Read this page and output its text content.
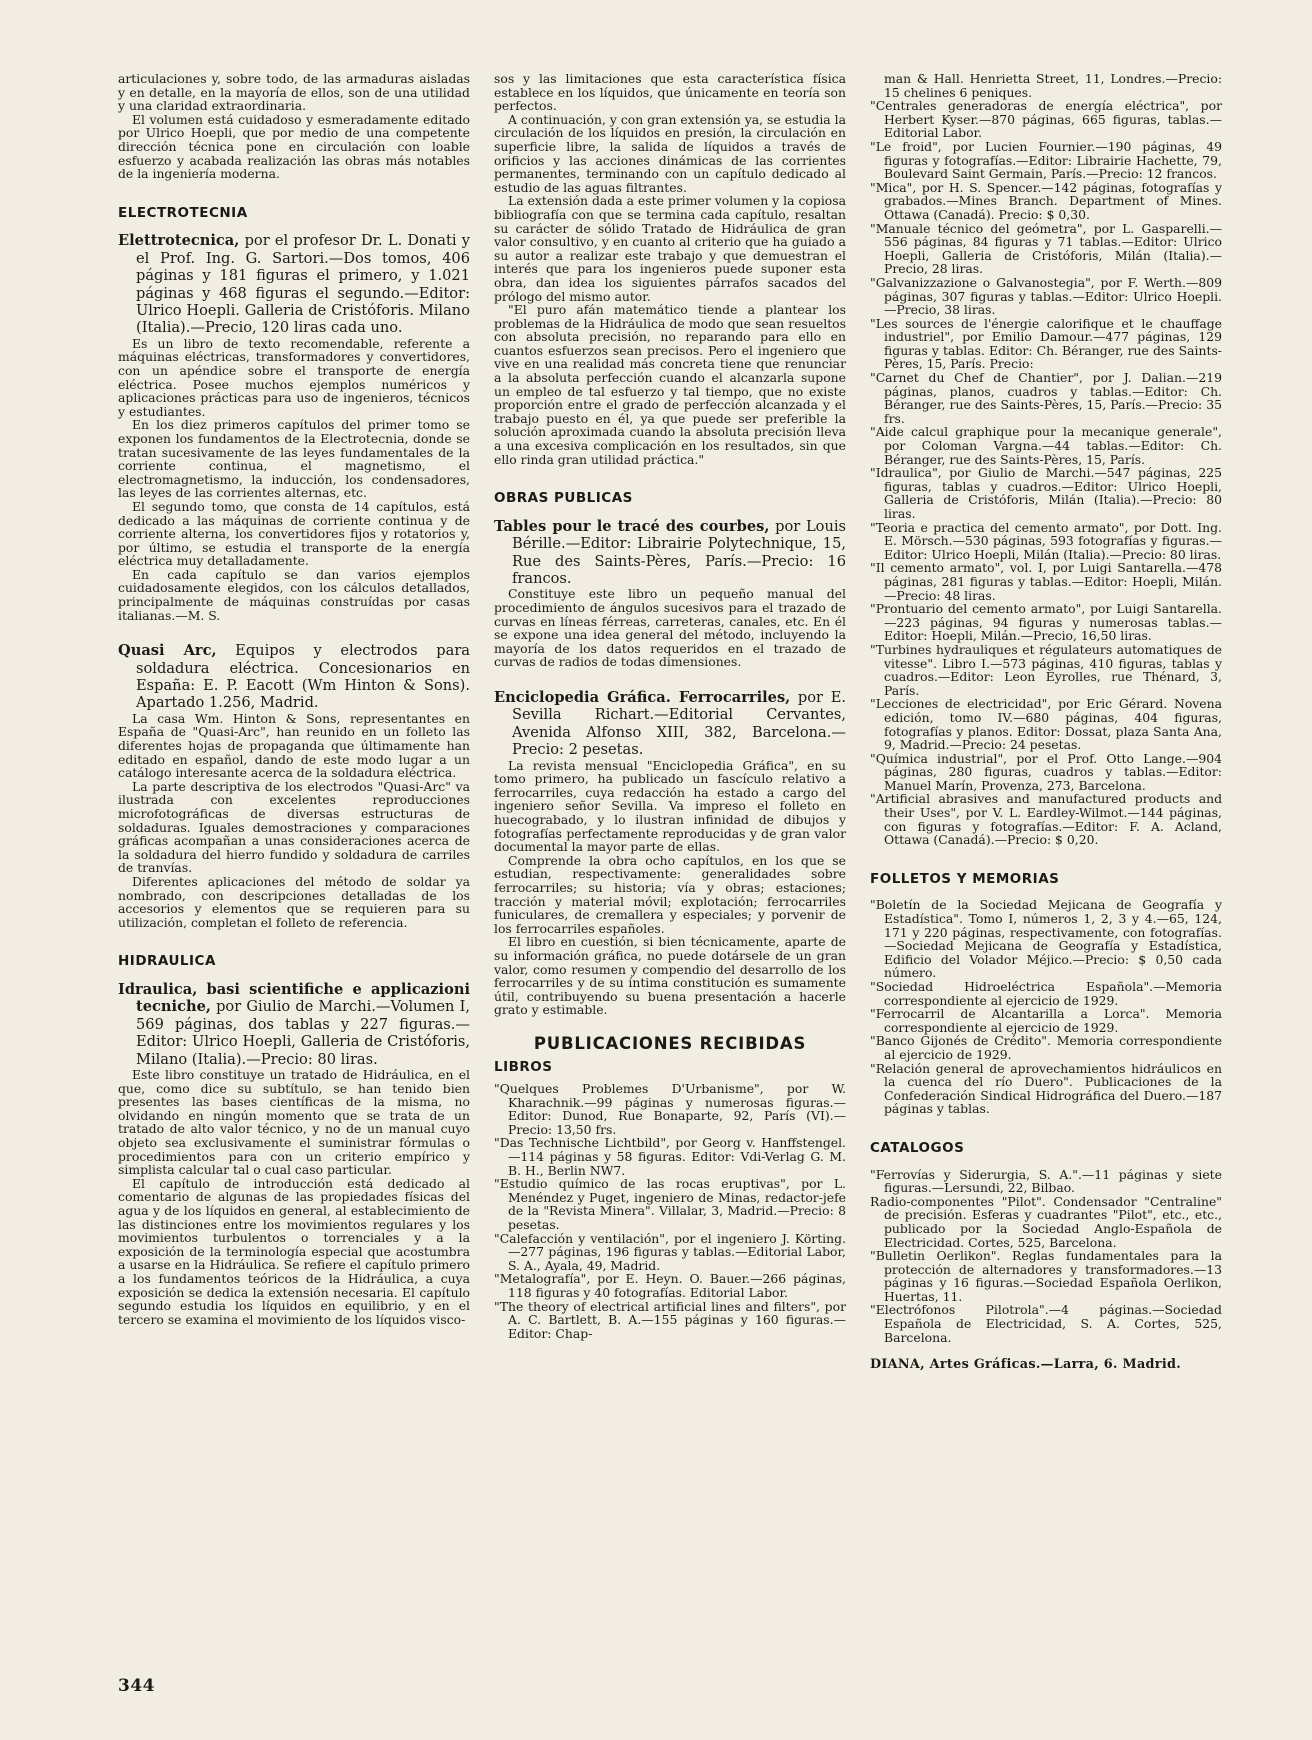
articulaciones y, sobre todo, de las armaduras aisladas y en detalle, en la mayoría de ellos, son de una utilidad y una claridad extraordinaria.

El volumen está cuidadoso y esmeradamente editado por Ulrico Hoepli, que por medio de una competente dirección técnica pone en circulación con loable esfuerzo y acabada realización las obras más notables de la ingeniería moderna.

ELECTROTECNIA

Elettrotecnica, por el profesor Dr. L. Donati y el Prof. Ing. G. Sartori.—Dos tomos, 406 páginas y 181 figuras el primero, y 1.021 páginas y 468 figuras el segundo.—Editor: Ulrico Hoepli. Galleria de Cristóforis. Milano (Italia).—Precio, 120 liras cada uno.

Es un libro de texto recomendable, referente a máquinas eléctricas, transformadores y convertidores, con un apéndice sobre el transporte de energía eléctrica. Posee muchos ejemplos numéricos y aplicaciones prácticas para uso de ingenieros, técnicos y estudiantes.

En los diez primeros capítulos del primer tomo se exponen los fundamentos de la Electrotecnia, donde se tratan sucesivamente de las leyes fundamentales de la corriente continua, el magnetismo, el electromagnetismo, la inducción, los condensadores, las leyes de las corrientes alternas, etc.

El segundo tomo, que consta de 14 capítulos, está dedicado a las máquinas de corriente continua y de corriente alterna, los convertidores fijos y rotatorios y, por último, se estudia el transporte de la energía eléctrica muy detalladamente.

En cada capítulo se dan varios ejemplos cuidadosamente elegidos, con los cálculos detallados, principalmente de máquinas construídas por casas italianas.—M. S.

Quasi Arc, Equipos y electrodos para soldadura eléctrica. Concesionarios en España: E. P. Eacott (Wm Hinton & Sons). Apartado 1.256, Madrid.

La casa Wm. Hinton & Sons, representantes en España de "Quasi-Arc", han reunido en un folleto las diferentes hojas de propaganda que últimamente han editado en español, dando de este modo lugar a un catálogo interesante acerca de la soldadura eléctrica.

La parte descriptiva de los electrodos "Quasi-Arc" va ilustrada con excelentes reproducciones microfotográficas de diversas estructuras de soldaduras. Iguales demostraciones y comparaciones gráficas acompañan a unas consideraciones acerca de la soldadura del hierro fundido y soldadura de carriles de tranvías.

Diferentes aplicaciones del método de soldar ya nombrado, con descripciones detalladas de los accesorios y elementos que se requieren para su utilización, completan el folleto de referencia.

HIDRAULICA

Idraulica, basi scientifiche e applicazioni tecniche, por Giulio de Marchi.—Volumen I, 569 páginas, dos tablas y 227 figuras.—Editor: Ulrico Hoepli, Galleria de Cristóforis, Milano (Italia).—Precio: 80 liras.

Este libro constituye un tratado de Hidráulica, en el que, como dice su subtítulo, se han tenido bien presentes las bases científicas de la misma, no olvidando en ningún momento que se trata de un tratado de alto valor técnico, y no de un manual cuyo objeto sea exclusivamente el suministrar fórmulas o procedimientos para con un criterio empírico y simplista calcular tal o cual caso particular.

El capítulo de introducción está dedicado al comentario de algunas de las propiedades físicas del agua y de los líquidos en general, al establecimiento de las distinciones entre los movimientos regulares y los movimientos turbulentos o torrenciales y a la exposición de la terminología especial que acostumbra a usarse en la Hidráulica. Se refiere el capítulo primero a los fundamentos teóricos de la Hidráulica, a cuya exposición se dedica la extensión necesaria. El capítulo segundo estudia los líquidos en equilibrio, y en el tercero se examina el movimiento de los líquidos visco-

sos y las limitaciones que esta característica física establece en los líquidos, que únicamente en teoría son perfectos.

A continuación, y con gran extensión ya, se estudia la circulación de los líquidos en presión, la circulación en superficie libre, la salida de líquidos a través de orificios y las acciones dinámicas de las corrientes permanentes, terminando con un capítulo dedicado al estudio de las aguas filtrantes.

La extensión dada a este primer volumen y la copiosa bibliografía con que se termina cada capítulo, resaltan su carácter de sólido Tratado de Hidráulica de gran valor consultivo, y en cuanto al criterio que ha guiado a su autor a realizar este trabajo y que demuestran el interés que para los ingenieros puede suponer esta obra, dan idea los siguientes párrafos sacados del prólogo del mismo autor.

"El puro afán matemático tiende a plantear los problemas de la Hidráulica de modo que sean resueltos con absoluta precisión, no reparando para ello en cuantos esfuerzos sean precisos. Pero el ingeniero que vive en una realidad más concreta tiene que renunciar a la absoluta perfección cuando el alcanzarla supone un empleo de tal esfuerzo y tal tiempo, que no existe proporción entre el grado de perfección alcanzada y el trabajo puesto en él, ya que puede ser preferible la solución aproximada cuando la absoluta precisión lleva a una excesiva complicación en los resultados, sin que ello rinda gran utilidad práctica."

OBRAS PUBLICAS

Tables pour le tracé des courbes, por Louis Bérille.—Editor: Librairie Polytechnique, 15, Rue des Saints-Pères, París.—Precio: 16 francos.

Constituye este libro un pequeño manual del procedimiento de ángulos sucesivos para el trazado de curvas en líneas férreas, carreteras, canales, etc. En él se expone una idea general del método, incluyendo la mayoría de los datos requeridos en el trazado de curvas de radios de todas dimensiones.

Enciclopedia Gráfica. Ferrocarriles, por E. Sevilla Richart.—Editorial Cervantes, Avenida Alfonso XIII, 382, Barcelona.—Precio: 2 pesetas.

La revista mensual "Enciclopedia Gráfica", en su tomo primero, ha publicado un fascículo relativo a ferrocarriles, cuya redacción ha estado a cargo del ingeniero señor Sevilla. Va impreso el folleto en huecograbado, y lo ilustran infinidad de dibujos y fotografías perfectamente reproducidas y de gran valor documental la mayor parte de ellas.

Comprende la obra ocho capítulos, en los que se estudian, respectivamente: generalidades sobre ferrocarriles; su historia; vía y obras; estaciones; tracción y material móvil; explotación; ferrocarriles funiculares, de cremallera y especiales; y porvenir de los ferrocarriles españoles.

El libro en cuestión, si bien técnicamente, aparte de su información gráfica, no puede dotársele de un gran valor, como resumen y compendio del desarrollo de los ferrocarriles y de su íntima constitución es sumamente útil, contribuyendo su buena presentación a hacerle grato y estimable.

PUBLICACIONES RECIBIDAS
LIBROS

"Quelques Problemes D'Urbanisme", por W. Kharachnik.—99 páginas y numerosas figuras.—Editor: Dunod, Rue Bonaparte, 92, París (VI).—Precio: 13,50 frs.

"Das Technische Lichtbild", por Georg v. Hanffstengel.—114 páginas y 58 figuras. Editor: Vdi-Verlag G. M. B. H., Berlin NW7.

"Estudio químico de las rocas eruptivas", por L. Menéndez y Puget, ingeniero de Minas, redactor-jefe de la "Revista Minera". Villalar, 3, Madrid.—Precio: 8 pesetas.

"Calefacción y ventilación", por el ingeniero J. Körting.—277 páginas, 196 figuras y tablas.—Editorial Labor, S. A., Ayala, 49, Madrid.

"Metalografía", por E. Heyn. O. Bauer.—266 páginas, 118 figuras y 40 fotografías. Editorial Labor.

"The theory of electrical artificial lines and filters", por A. C. Bartlett, B. A.—155 páginas y 160 figuras.—Editor: Chap-

man & Hall. Henrietta Street, 11, Londres.—Precio: 15 chelines 6 peniques.

"Centrales generadoras de energía eléctrica", por Herbert Kyser.—870 páginas, 665 figuras, tablas.—Editorial Labor.

"Le froid", por Lucien Fournier.—190 páginas, 49 figuras y fotografías.—Editor: Librairie Hachette, 79, Boulevard Saint Germain, París.—Precio: 12 francos.

"Mica", por H. S. Spencer.—142 páginas, fotografías y grabados.—Mines Branch. Department of Mines. Ottawa (Canadá). Precio: $ 0,30.

"Manuale técnico del geómetra", por L. Gasparelli.—556 páginas, 84 figuras y 71 tablas.—Editor: Ulrico Hoepli, Galleria de Cristóforis, Milán (Italia).—Precio, 28 liras.

"Galvanizzazione o Galvanostegia", por F. Werth.—809 páginas, 307 figuras y tablas.—Editor: Ulrico Hoepli.—Precio, 38 liras.

"Les sources de l'énergie calorifique et le chauffage industriel", por Emilio Damour.—477 páginas, 129 figuras y tablas. Editor: Ch. Béranger, rue des Saints-Pères, 15, París. Precio:

"Carnet du Chef de Chantier", por J. Dalian.—219 páginas, planos, cuadros y tablas.—Editor: Ch. Béranger, rue des Saints-Pères, 15, París.—Precio: 35 frs.

"Aide calcul graphique pour la mecanique generale", por Coloman Vargna.—44 tablas.—Editor: Ch. Béranger, rue des Saints-Pères, 15, París.

"Idraulica", por Giulio de Marchi.—547 páginas, 225 figuras, tablas y cuadros.—Editor: Ulrico Hoepli, Galleria de Cristóforis, Milán (Italia).—Precio: 80 liras.

"Teoria e practica del cemento armato", por Dott. Ing. E. Mörsch.—530 páginas, 593 fotografías y figuras.—Editor: Ulrico Hoepli, Milán (Italia).—Precio: 80 liras.

"Il cemento armato", vol. I, por Luigi Santarella.—478 páginas, 281 figuras y tablas.—Editor: Hoepli, Milán.—Precio: 48 liras.

"Prontuario del cemento armato", por Luigi Santarella.—223 páginas, 94 figuras y numerosas tablas.—Editor: Hoepli, Milán.—Precio, 16,50 liras.

"Turbines hydrauliques et régulateurs automatiques de vitesse". Libro I.—573 páginas, 410 figuras, tablas y cuadros.—Editor: Leon Eyrolles, rue Thénard, 3, París.

"Lecciones de electricidad", por Eric Gérard. Novena edición, tomo IV.—680 páginas, 404 figuras, fotografías y planos. Editor: Dossat, plaza Santa Ana, 9, Madrid.—Precio: 24 pesetas.

"Química industrial", por el Prof. Otto Lange.—904 páginas, 280 figuras, cuadros y tablas.—Editor: Manuel Marín, Provenza, 273, Barcelona.

"Artificial abrasives and manufactured products and their Uses", por V. L. Eardley-Wilmot.—144 páginas, con figuras y fotografías.—Editor: F. A. Acland, Ottawa (Canadá).—Precio: $ 0,20.

FOLLETOS Y MEMORIAS

"Boletín de la Sociedad Mejicana de Geografía y Estadística". Tomo I, números 1, 2, 3 y 4.—65, 124, 171 y 220 páginas, respectivamente, con fotografías.—Sociedad Mejicana de Geografía y Estadística, Edificio del Volador Méjico.—Precio: $ 0,50 cada número.

"Sociedad Hidroeléctrica Española".—Memoria correspondiente al ejercicio de 1929.

"Ferrocarril de Alcantarilla a Lorca". Memoria correspondiente al ejercicio de 1929.

"Banco Gijonés de Crédito". Memoria correspondiente al ejercicio de 1929.

"Relación general de aprovechamientos hidráulicos en la cuenca del río Duero". Publicaciones de la Confederación Sindical Hidrográfica del Duero.—187 páginas y tablas.

CATALOGOS

"Ferrovías y Siderurgia, S. A.".—11 páginas y siete figuras.—Lersundi, 22, Bilbao.

Radio-componentes "Pilot". Condensador "Centraline" de precisión. Esferas y cuadrantes "Pilot", etc., etc., publicado por la Sociedad Anglo-Española de Electricidad. Cortes, 525, Barcelona.

"Bulletin Oerlikon". Reglas fundamentales para la protección de alternadores y transformadores.—13 páginas y 16 figuras.—Sociedad Española Oerlikon, Huertas, 11.

"Electrófonos Pilotrola".—4 páginas.—Sociedad Española de Electricidad, S. A. Cortes, 525, Barcelona.

DIANA, Artes Gráficas.—Larra, 6. Madrid.
344
